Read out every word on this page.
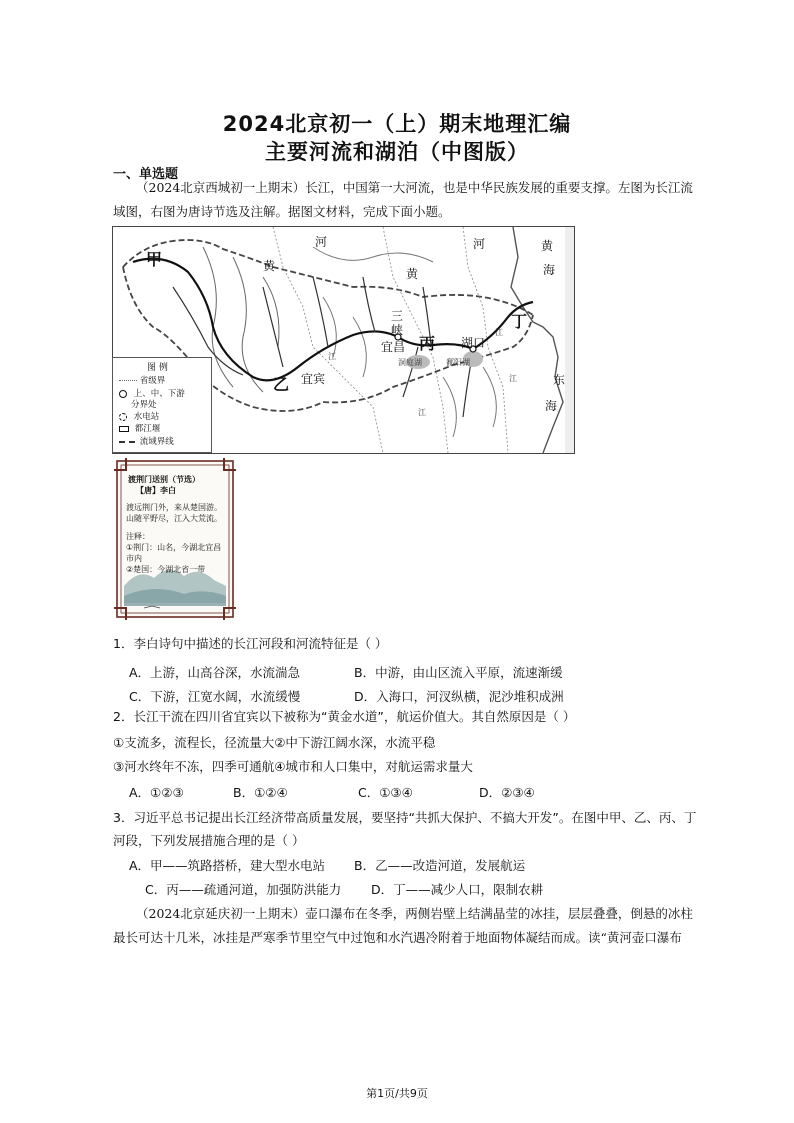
2024北京初一（上）期末地理汇编
主要河流和湖泊（中图版）
一、单选题
（2024北京西城初一上期末）长江，中国第一大河流，也是中华民族发展的重要支撑。左图为长江流
域图，右图为唐诗节选及注解。据图文材料，完成下面小题。
甲
乙
丙
丁
河	河
黄
黄
黄
海
东
海
三
峡
宜昌
宜宾
湖口
洞庭湖	鄱阳湖
江
江
江
江
图 例
省级界
上、中、下游
分界处
水电站
都江堰
流域界线
渡荆门送别（节选）
【唐】李白
渡远荆门外，来从楚国游。
山随平野尽，江入大荒流。
注释：
①荆门：山名，今湖北宜昌
市内
②楚国：今湖北省一带
1．李白诗句中描述的长江河段和河流特征是（ ）
A．上游，山高谷深，水流湍急	B．中游，由山区流入平原，流速渐缓
C．下游，江宽水阔，水流缓慢	D．入海口，河汊纵横，泥沙堆积成洲
2．长江干流在四川省宜宾以下被称为“黄金水道”，航运价值大。其自然原因是（ ）
①支流多，流程长，径流量大②中下游江阔水深，水流平稳
③河水终年不冻，四季可通航④城市和人口集中，对航运需求量大
A．①②③	B．①②④	C．①③④	D．②③④
3．习近平总书记提出长江经济带高质量发展，要坚持“共抓大保护、不搞大开发”。在图中甲、乙、丙、丁
河段，下列发展措施合理的是（ ）
A．甲——筑路搭桥，建大型水电站 B．乙——改造河道，发展航运
C．丙——疏通河道，加强防洪能力 D．丁——减少人口，限制农耕
（2024北京延庆初一上期末）壶口瀑布在冬季，两侧岩壁上结满晶莹的冰挂，层层叠叠，倒悬的冰柱
最长可达十几米，冰挂是严寒季节里空气中过饱和水汽遇冷附着于地面物体凝结而成。读“黄河壶口瀑布
第1页/共9页
